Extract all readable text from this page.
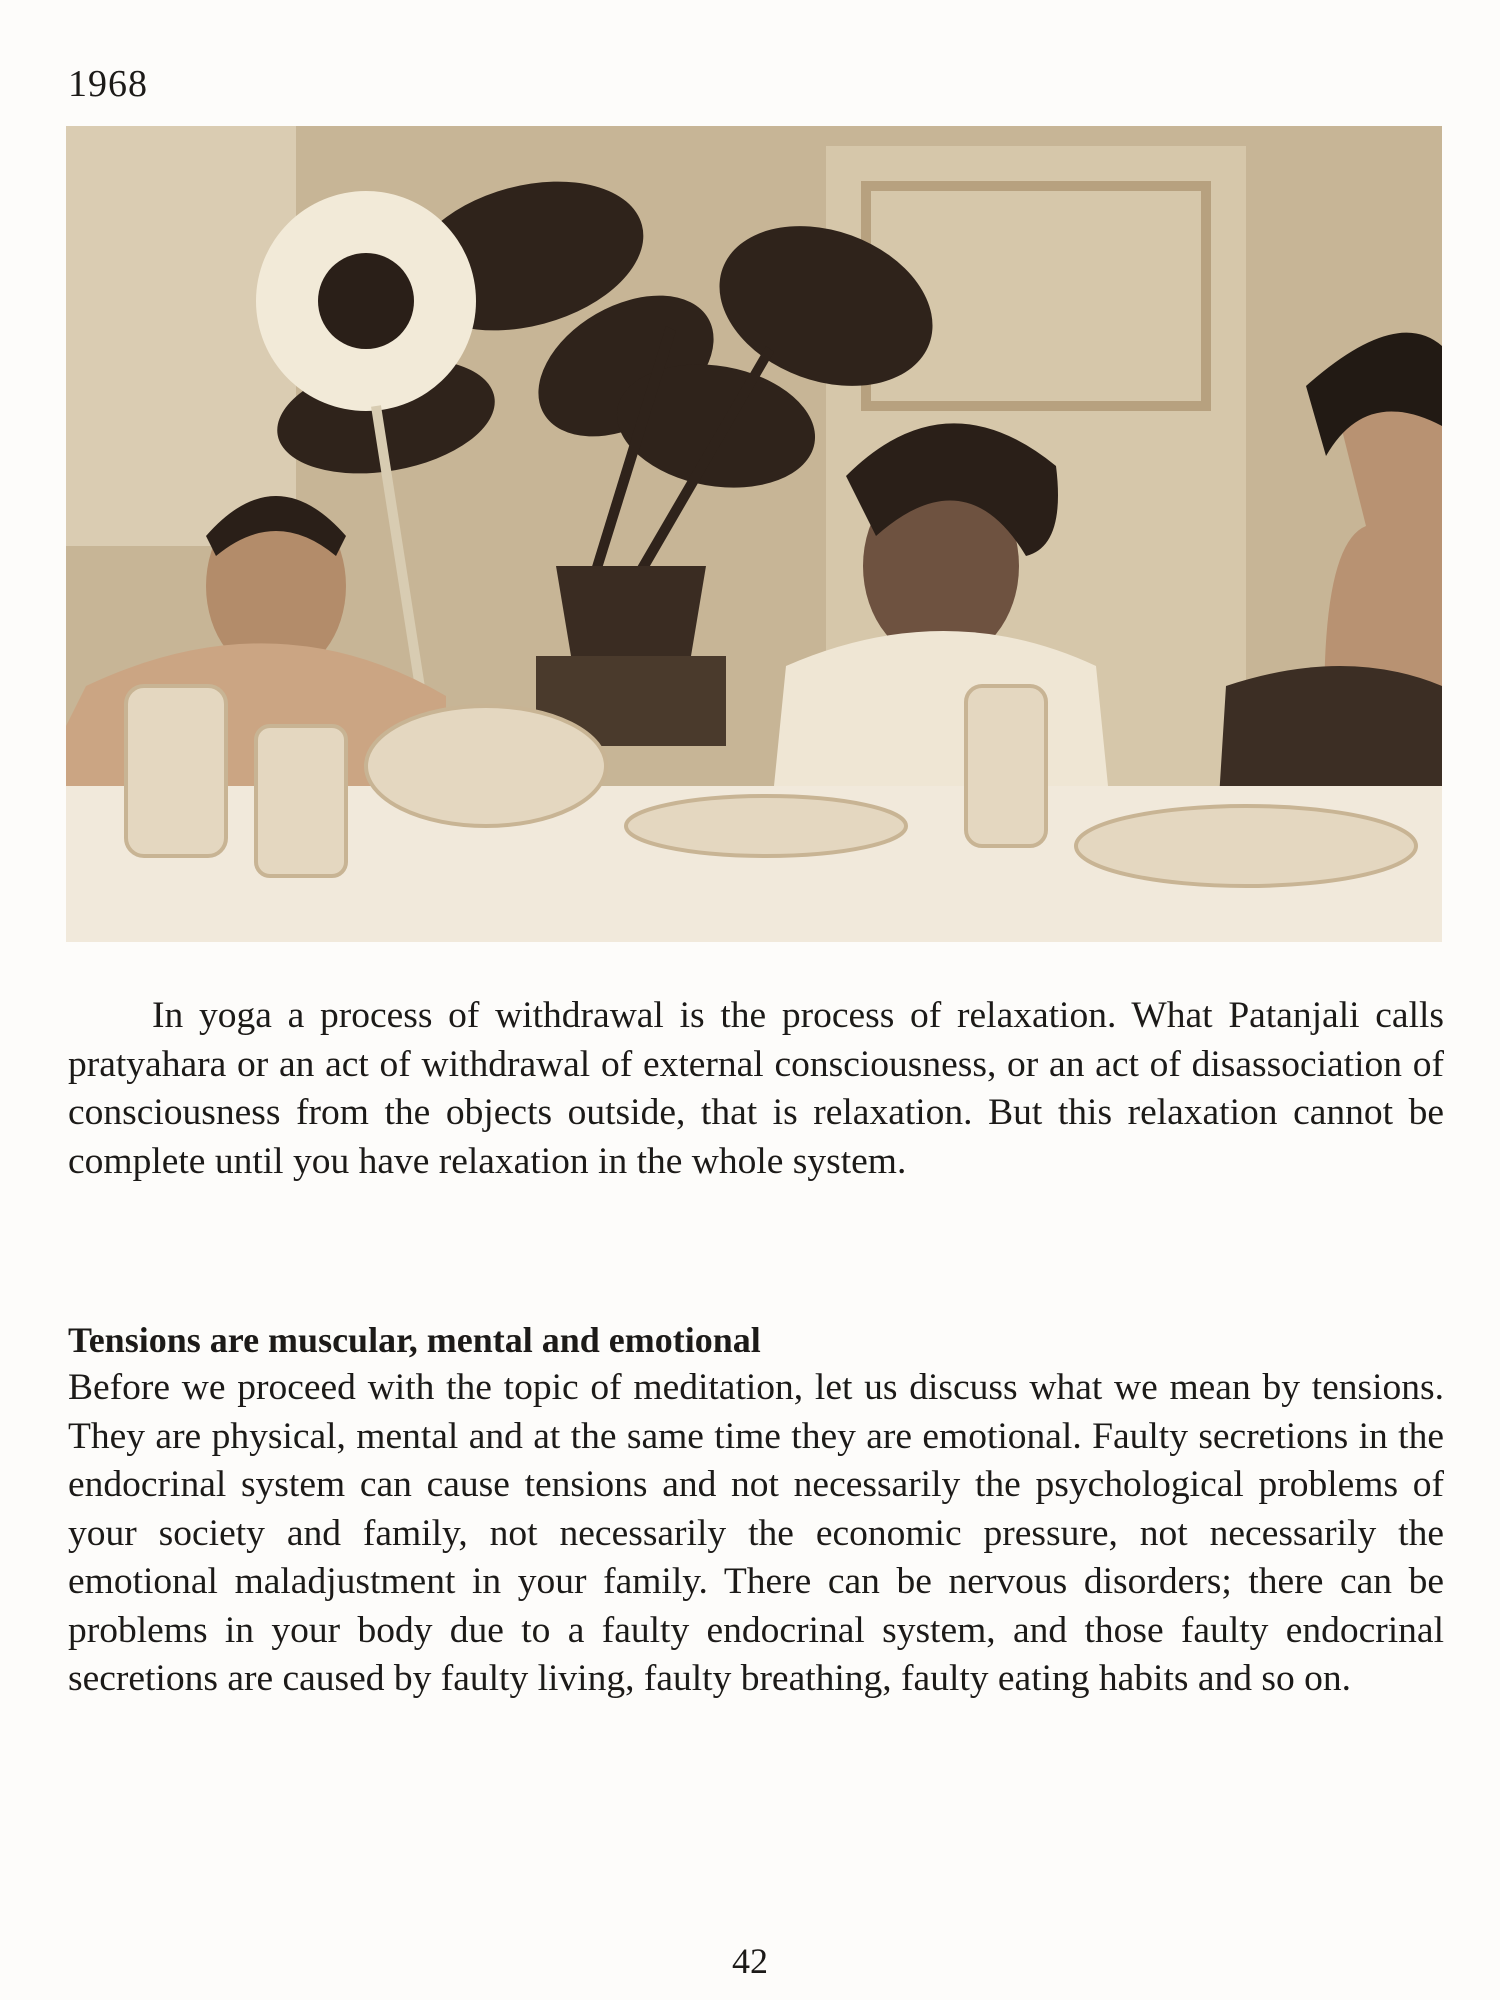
1968
In yoga a process of withdrawal is the process of relaxation. What Patanjali calls pratyahara or an act of withdrawal of external consciousness, or an act of disassociation of consciousness from the objects outside, that is relaxation. But this relaxation cannot be complete until you have relaxation in the whole system.
Tensions are muscular, mental and emotional
Before we proceed with the topic of meditation, let us discuss what we mean by tensions. They are physical, mental and at the same time they are emotional. Faulty secretions in the endocrinal system can cause tensions and not necessarily the psychological problems of your society and family, not necessarily the economic pressure, not necessarily the emotional maladjustment in your family. There can be nervous disorders; there can be problems in your body due to a faulty endocrinal system, and those faulty endocrinal secretions are caused by faulty living, faulty breathing, faulty eating habits and so on.
42
